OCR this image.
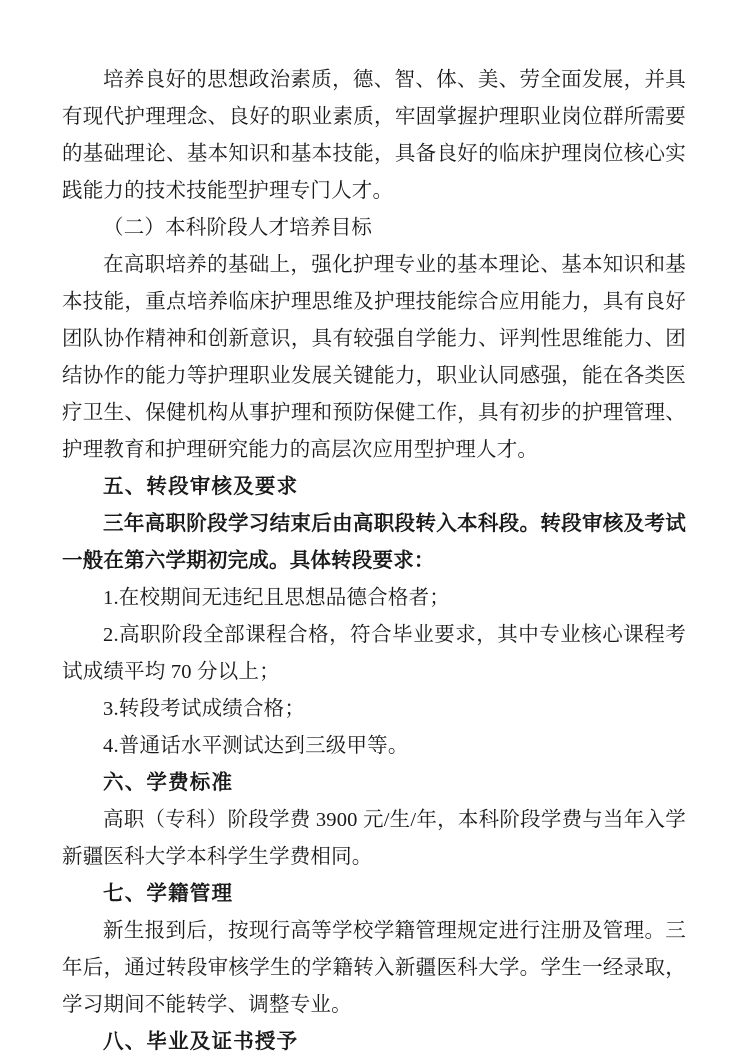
培养良好的思想政治素质，德、智、体、美、劳全面发展，并具有现代护理理念、良好的职业素质，牢固掌握护理职业岗位群所需要的基础理论、基本知识和基本技能，具备良好的临床护理岗位核心实践能力的技术技能型护理专门人才。

（二）本科阶段人才培养目标

在高职培养的基础上，强化护理专业的基本理论、基本知识和基本技能，重点培养临床护理思维及护理技能综合应用能力，具有良好团队协作精神和创新意识，具有较强自学能力、评判性思维能力、团结协作的能力等护理职业发展关键能力，职业认同感强，能在各类医疗卫生、保健机构从事护理和预防保健工作，具有初步的护理管理、护理教育和护理研究能力的高层次应用型护理人才。

五、转段审核及要求

三年高职阶段学习结束后由高职段转入本科段。转段审核及考试一般在第六学期初完成。具体转段要求：

1.在校期间无违纪且思想品德合格者；

2.高职阶段全部课程合格，符合毕业要求，其中专业核心课程考试成绩平均 70 分以上；

3.转段考试成绩合格；

4.普通话水平测试达到三级甲等。

六、学费标准

高职（专科）阶段学费 3900 元/生/年，本科阶段学费与当年入学新疆医科大学本科学生学费相同。

七、学籍管理

新生报到后，按现行高等学校学籍管理规定进行注册及管理。三年后，通过转段审核学生的学籍转入新疆医科大学。学生一经录取，学习期间不能转学、调整专业。

八、毕业及证书授予
